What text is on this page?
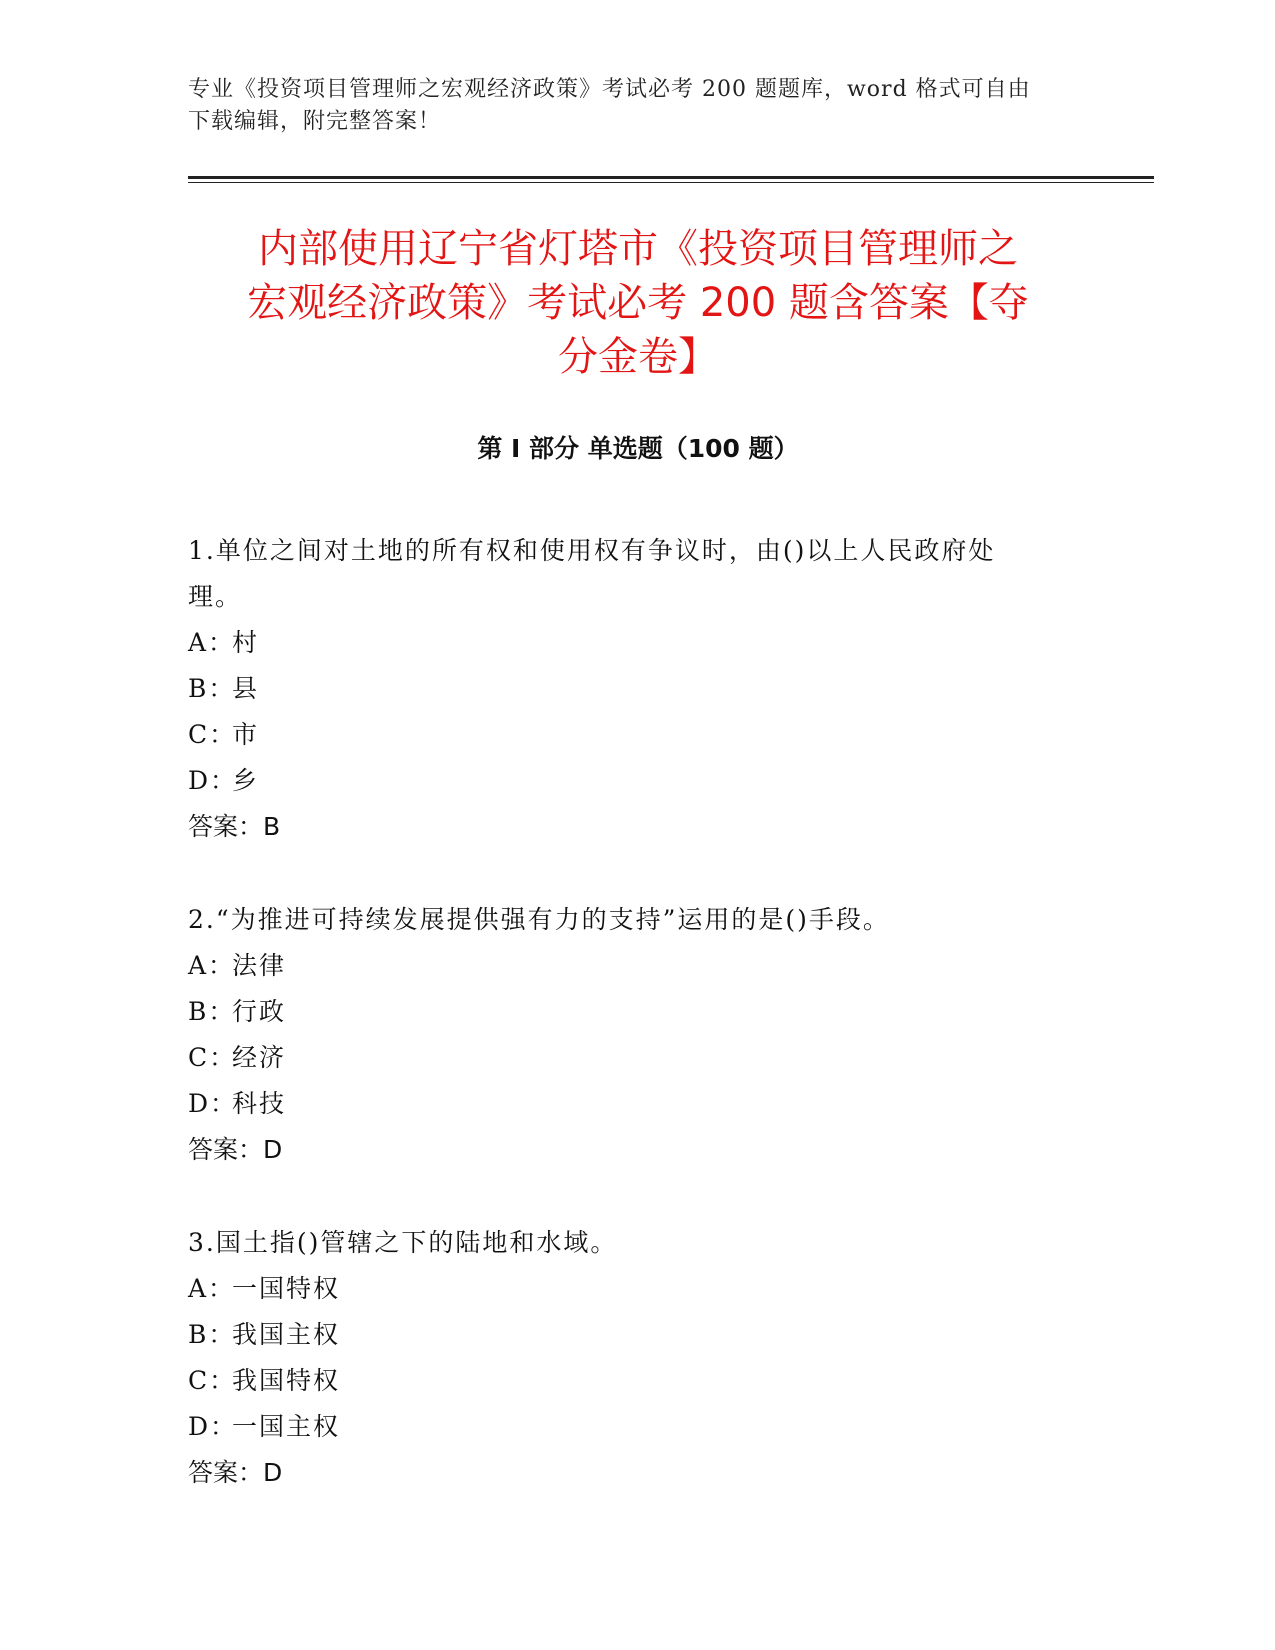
专业《投资项目管理师之宏观经济政策》考试必考 200 题题库，word 格式可自由
下载编辑，附完整答案！
内部使用辽宁省灯塔市《投资项目管理师之
宏观经济政策》考试必考 200 题含答案【夺
分金卷】
第 I 部分 单选题（100 题）
1.单位之间对土地的所有权和使用权有争议时，由()以上人民政府处
理。
A：村
B：县
C：市
D：乡
答案：B
2.“为推进可持续发展提供强有力的支持”运用的是()手段。
A：法律
B：行政
C：经济
D：科技
答案：D
3.国土指()管辖之下的陆地和水域。
A：一国特权
B：我国主权
C：我国特权
D：一国主权
答案：D
